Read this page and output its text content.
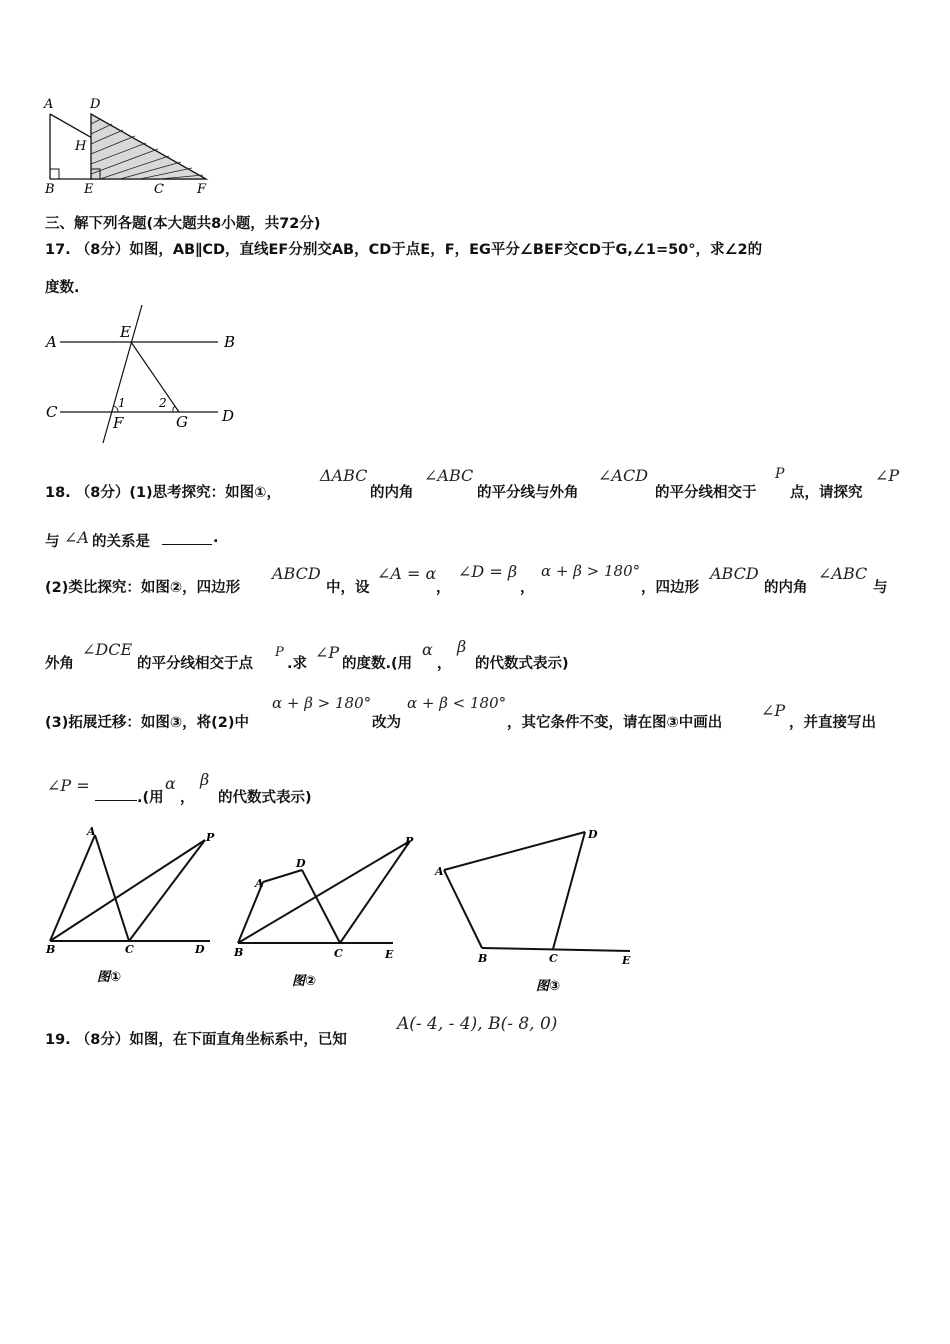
A	D
H
B E	C	F
三、解下列各题(本大题共8小题，共72分)
17. （8分）如图，AB∥CD，直线EF分别交AB，CD于点E，F，EG平分∠BEF交CD于G,∠1=50°，求∠2的
度数.
A
E
B
C	1	2
D
F	G
18. （8分）(1)思考探究：如图①，
ΔABC
的内角
∠ABC
的平分线与外角
∠ACD
的平分线相交于
P
点，请探究
∠P
与 ∠A 的关系是	.
(2)类比探究：如图②，四边形
ABCD
中，设
∠A = α
，
∠D = β
，
α + β > 180°
，四边形
ABCD
的内角
∠ABC
与
外角
∠DCE
的平分线相交于点
P
.求
∠P
的度数.(用
α
，
β
的代数式表示)
(3)拓展迁移：如图③，将(2)中
α + β > 180°
改为
α + β < 180°
，其它条件不变，请在图③中画出
∠P
，并直接写出
∠P =
.(用
α
，
β
的代数式表示)
A	P
B	C	D
图①
A
D
P
B	C	E
图②
A
D
B	C	E
图③
19. （8分）如图，在下面直角坐标系中，已知
A(- 4, - 4), B(- 8, 0)
